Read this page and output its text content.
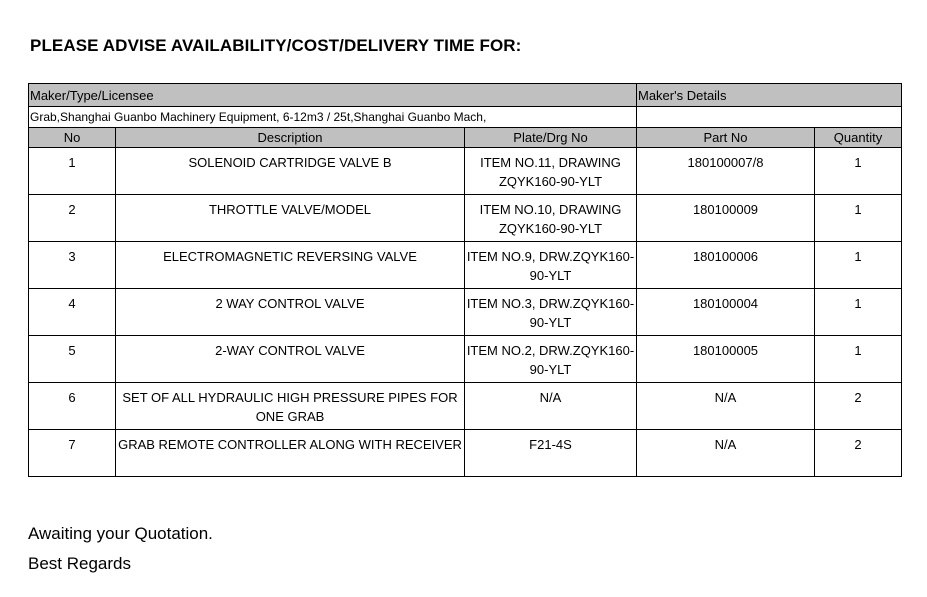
PLEASE ADVISE AVAILABILITY/COST/DELIVERY TIME FOR:
Maker/Type/Licensee			Maker's Details	
Grab,Shanghai Guanbo Machinery Equipment, 6-12m3 / 25t,Shanghai Guanbo Mach,				
No	Description	Plate/Drg No	Part No	Quantity
1	SOLENOID CARTRIDGE VALVE B	ITEM NO.11, DRAWING ZQYK160-90-YLT	180100007/8	1
2	THROTTLE VALVE/MODEL	ITEM NO.10, DRAWING ZQYK160-90-YLT	180100009	1
3	ELECTROMAGNETIC REVERSING VALVE	ITEM NO.9, DRW.ZQYK160-90-YLT	180100006	1
4	2 WAY CONTROL VALVE	ITEM NO.3, DRW.ZQYK160-90-YLT	180100004	1
5	2-WAY CONTROL VALVE	ITEM NO.2, DRW.ZQYK160-90-YLT	180100005	1
6	SET OF ALL HYDRAULIC HIGH PRESSURE PIPES FOR ONE GRAB	N/A	N/A	2
7	GRAB REMOTE CONTROLLER ALONG WITH RECEIVER	F21-4S	N/A	2
Awaiting your Quotation.
Best Regards
